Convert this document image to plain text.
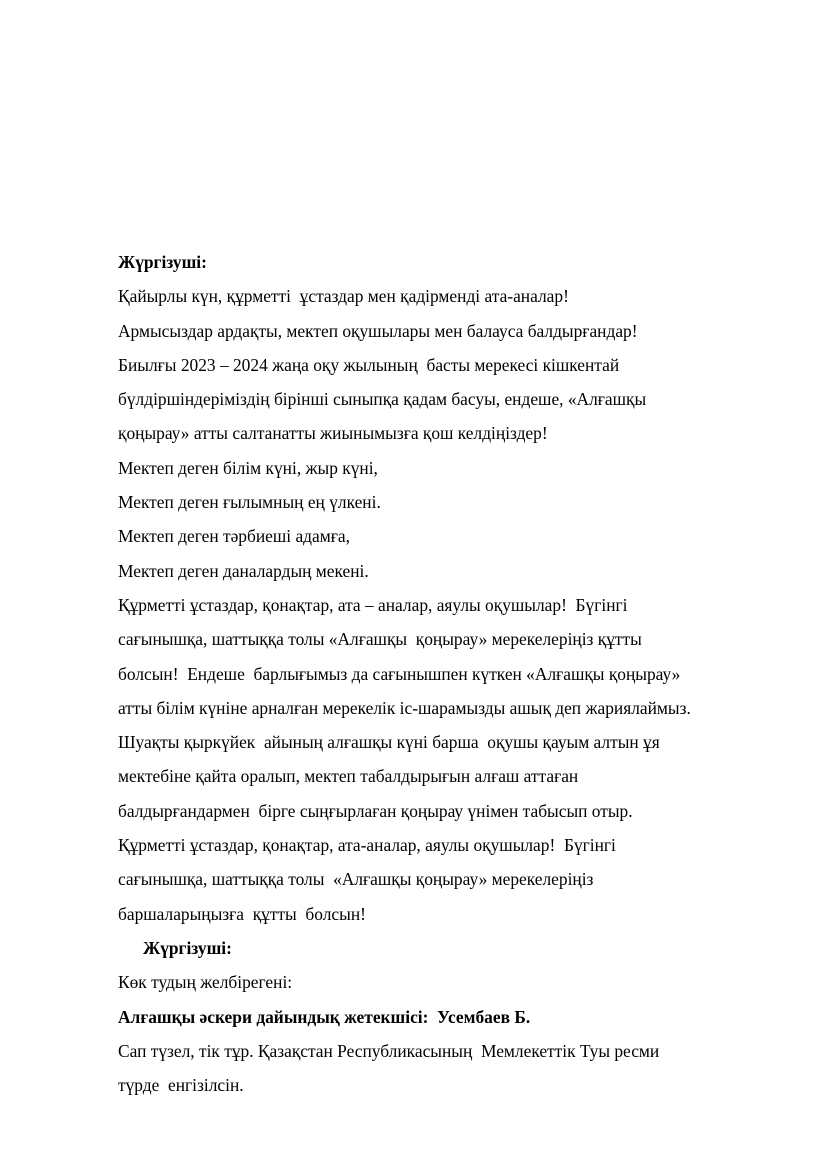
Жүргізуші:
Қайырлы күн, құрметті  ұстаздар мен қадірменді ата-аналар!
Армысыздар ардақты, мектеп оқушылары мен балауса балдырғандар!
Биылғы 2023 – 2024 жаңа оқу жылының  басты мерекесі кішкентай
бүлдіршіндеріміздің бірінші сыныпқа қадам басуы, ендеше, «Алғашқы
қоңырау» атты салтанатты жиынымызға қош келдіңіздер!
Мектеп деген білім күні, жыр күні,
Мектеп деген ғылымның ең үлкені.
Мектеп деген тәрбиеші адамға,
Мектеп деген даналардың мекені.
Құрметті ұстаздар, қонақтар, ата – аналар, аяулы оқушылар!  Бүгінгі
сағынышқа, шаттыққа толы «Алғашқы  қоңырау» мерекелеріңіз құтты
болсын!  Ендеше  барлығымыз да сағынышпен күткен «Алғашқы қоңырау»
атты білім күніне арналған мерекелік іс-шарамызды ашық деп жариялаймыз.
Шуақты қыркүйек  айының алғашқы күні барша  оқушы қауым алтын ұя
мектебіне қайта оралып, мектеп табалдырығын алғаш аттаған
балдырғандармен  бірге сыңғырлаған қоңырау үнімен табысып отыр.
Құрметті ұстаздар, қонақтар, ата-аналар, аяулы оқушылар!  Бүгінгі
сағынышқа, шаттыққа толы  «Алғашқы қоңырау» мерекелеріңіз
баршаларыңызға  құтты  болсын!
Жүргізуші:
Көк тудың желбірегені:
Алғашқы әскери дайындық жетекшісі:  Усембаев Б.
Сап түзел, тік тұр. Қазақстан Республикасының  Мемлекеттік Туы ресми
түрде  енгізілсін.
